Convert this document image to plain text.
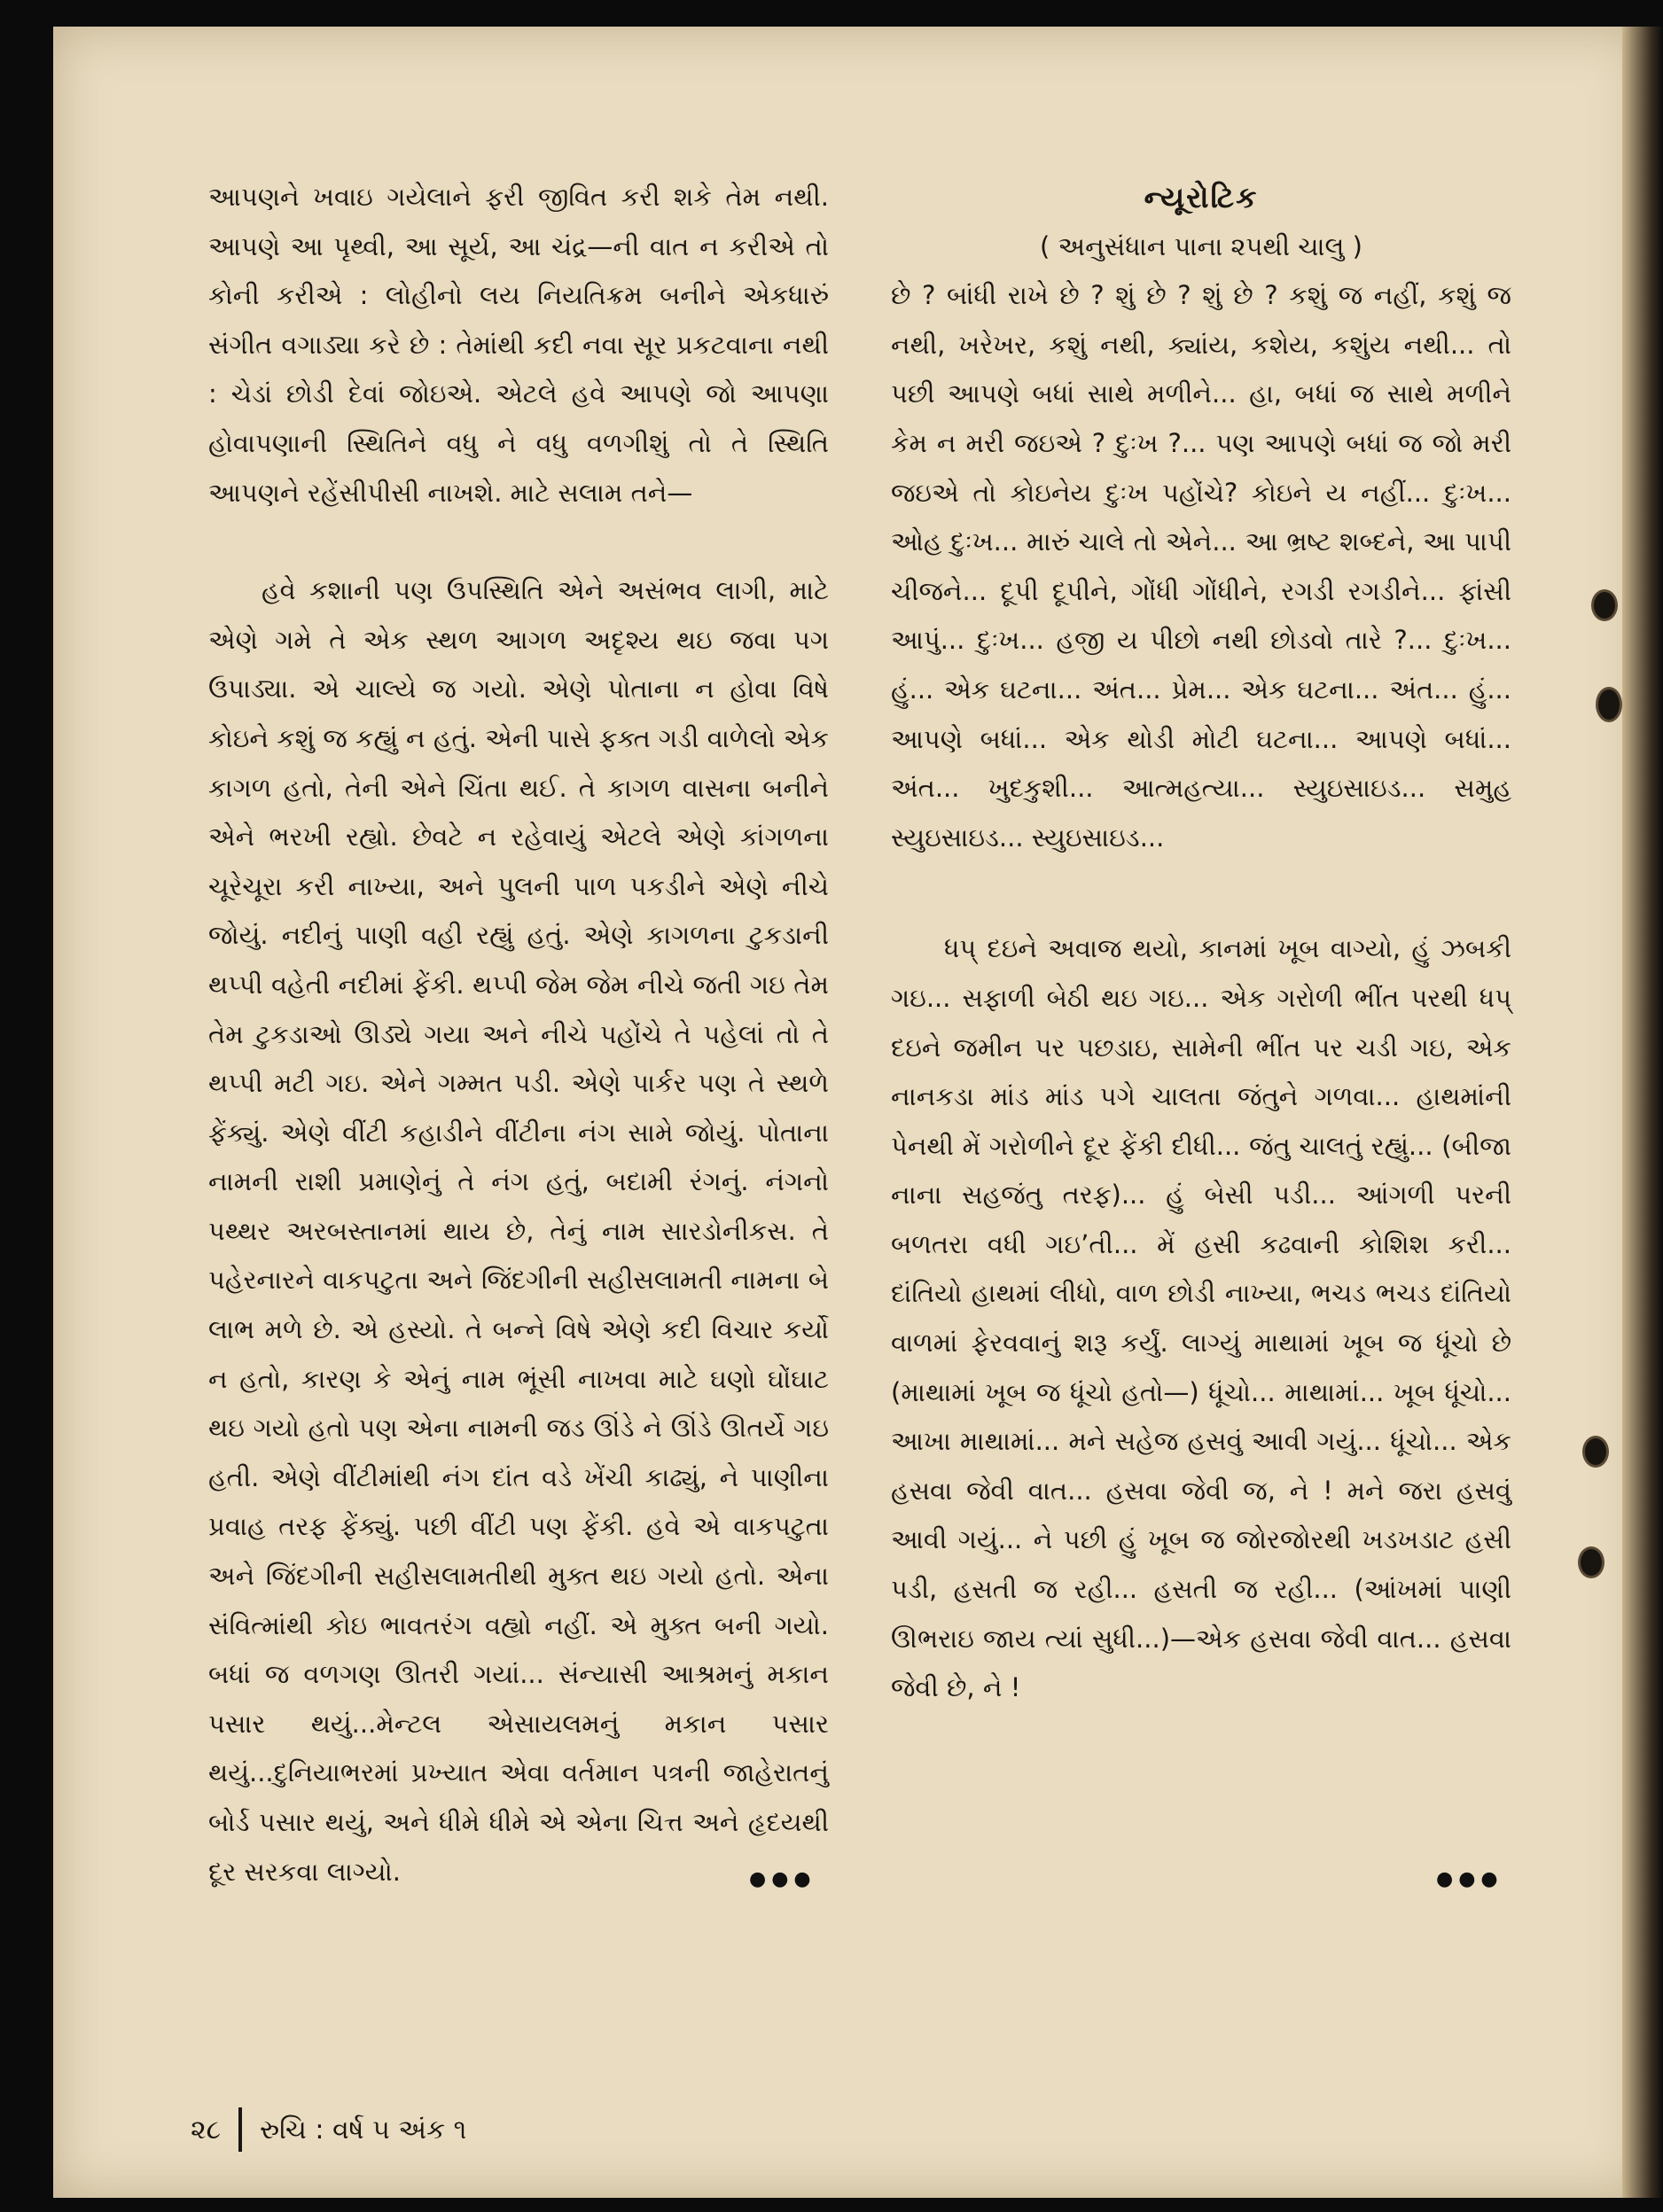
આપણને ખવાઇ ગયેલાને ફરી જીવિત કરી શકે તેમ નથી. આપણે આ પૃથ્વી, આ સૂર્ય, આ ચંદ્ર—ની વાત ન કરીએ તો કોની કરીએ : લોહીનો લય નિયતિક્રમ બનીને એકધારું સંગીત વગાડ્યા કરે છે : તેમાંથી કદી નવા સૂર પ્રકટવાના નથી : ચેડાં છોડી દેવાં જોઇએ. એટલે હવે આપણે જો આપણા હોવાપણાની સ્થિતિને વધુ ને વધુ વળગીશું તો તે સ્થિતિ આપણને રહેંસીપીસી નાખશે. માટે સલામ તને—

હવે કશાની પણ ઉપસ્થિતિ એને અસંભવ લાગી, માટે એણે ગમે તે એક સ્થળ આગળ અદૃશ્ય થઇ જવા પગ ઉપાડ્યા. એ ચાલ્યે જ ગયો. એણે પોતાના ન હોવા વિષે કોઇને કશું જ કહ્યું ન હતું. એની પાસે ફક્ત ગડી વાળેલો એક કાગળ હતો, તેની એને ચિંતા થઈ. તે કાગળ વાસના બનીને એને ભરખી રહ્યો. છેવટે ન રહેવાયું એટલે એણે કાંગળના ચૂરેચૂરા કરી નાખ્યા, અને પુલની પાળ પકડીને એણે નીચે જોયું. નદીનું પાણી વહી રહ્યું હતું. એણે કાગળના ટુકડાની થપ્પી વહેતી નદીમાં ફેંકી. થપ્પી જેમ જેમ નીચે જતી ગઇ તેમ તેમ ટુકડાઓ ઊડ્યે ગયા અને નીચે પહોંચે તે પહેલાં તો તે થપ્પી મટી ગઇ. એને ગમ્મત પડી. એણે પાર્કર પણ તે સ્થળે ફેંક્યું. એણે વીંટી કહાડીને વીંટીના નંગ સામે જોયું. પોતાના નામની રાશી પ્રમાણેનું તે નંગ હતું, બદામી રંગનું. નંગનો પથ્થર અરબસ્તાનમાં થાય છે, તેનું નામ સારડોનીકસ. તે પહેરનારને વાકપટુતા અને જિંદગીની સહીસલામતી નામના બે લાભ મળે છે. એ હસ્યો. તે બન્ને વિષે એણે કદી વિચાર કર્યો ન હતો, કારણ કે એનું નામ ભૂંસી નાખવા માટે ઘણો ઘોંઘાટ થઇ ગયો હતો પણ એના નામની જડ ઊંડે ને ઊંડે ઊતર્યે ગઇ હતી. એણે વીંટીમાંથી નંગ દાંત વડે ખેંચી કાઢ્યું, ને પાણીના પ્રવાહ તરફ ફેંક્યું. પછી વીંટી પણ ફેંકી. હવે એ વાકપટુતા અને જિંદગીની સહીસલામતીથી મુક્ત થઇ ગયો હતો. એના સંવિત્માંથી કોઇ ભાવતરંગ વહ્યો નહીં. એ મુક્ત બની ગયો. બધાં જ વળગણ ઊતરી ગયાં... સંન્યાસી આશ્રમનું મકાન પસાર થયું...મેન્ટલ એસાયલમનું મકાન પસાર થયું...દુનિયાભરમાં પ્રખ્યાત એવા વર્તમાન પત્રની જાહેરાતનું બોર્ડ પસાર થયું, અને ધીમે ધીમે એ એના ચિત્ત અને હૃદયથી દૂર સરકવા લાગ્યો.

ન્યૂરોટિક

( અનુસંધાન પાના ૨૫થી ચાલુ )

છે ? બાંધી રાખે છે ? શું છે ? શું છે ? કશું જ નહીં, કશું જ નથી, ખરેખર, કશું નથી, ક્યાંય, કશેય, કશુંય નથી... તો પછી આપણે બધાં સાથે મળીને... હા, બધાં જ સાથે મળીને કેમ ન મરી જઇએ ? દુઃખ ?... પણ આપણે બધાં જ જો મરી જઇએ તો કોઇનેય દુઃખ પહોંચે? કોઇને ય નહીં... દુઃખ... ઓહ દુઃખ... મારું ચાલે તો એને... આ ભ્રષ્ટ શબ્દને, આ પાપી ચીજને... દૂપી દૂપીને, ગોંધી ગોંધીને, રગડી રગડીને... ફાંસી આપું... દુઃખ... હજી ય પીછો નથી છોડવો તારે ?... દુઃખ... હું... એક ઘટના... અંત... પ્રેમ... એક ઘટના... અંત... હું... આપણે બધાં... એક થોડી મોટી ઘટના... આપણે બધાં... અંત... ખુદકુશી... આત્મહત્યા... સ્યુઇસાઇડ... સમુહ સ્યુઇસાઇડ... સ્યુઇસાઇડ...

ધપ્ દઇને અવાજ થયો, કાનમાં ખૂબ વાગ્યો, હું ઝબકી ગઇ... સફાળી બેઠી થઇ ગઇ... એક ગરોળી ભીંત પરથી ધપ્ દઇને જમીન પર પછડાઇ, સામેની ભીંત પર ચડી ગઇ, એક નાનકડા માંડ માંડ પગે ચાલતા જંતુને ગળવા... હાથમાંની પેનથી મેં ગરોળીને દૂર ફેંકી દીધી... જંતુ ચાલતું રહ્યું... (બીજા નાના સહજંતુ તરફ)... હું બેસી પડી... આંગળી પરની બળતરા વધી ગઇ’તી... મેં હસી કઢવાની કોશિશ કરી... દાંતિયો હાથમાં લીધો, વાળ છોડી નાખ્યા, ભચડ ભચડ દાંતિયો વાળમાં ફેરવવાનું શરૂ કર્યું. લાગ્યું માથામાં ખૂબ જ ધૂંચો છે (માથામાં ખૂબ જ ધૂંચો હતો—) ધૂંચો... માથામાં... ખૂબ ધૂંચો... આખા માથામાં... મને સહેજ હસવું આવી ગયું... ધૂંચો... એક હસવા જેવી વાત... હસવા જેવી જ, ને ! મને જરા હસવું આવી ગયું... ને પછી હું ખૂબ જ જોરજોરથી ખડખડાટ હસી પડી, હસતી જ રહી... હસતી જ રહી... (આંખમાં પાણી ઊભરાઇ જાય ત્યાં સુધી...)—એક હસવા જેવી વાત... હસવા જેવી છે, ને !

●●●	●●●
૨૮ રુચિ : વર્ષ ૫ અંક ૧
